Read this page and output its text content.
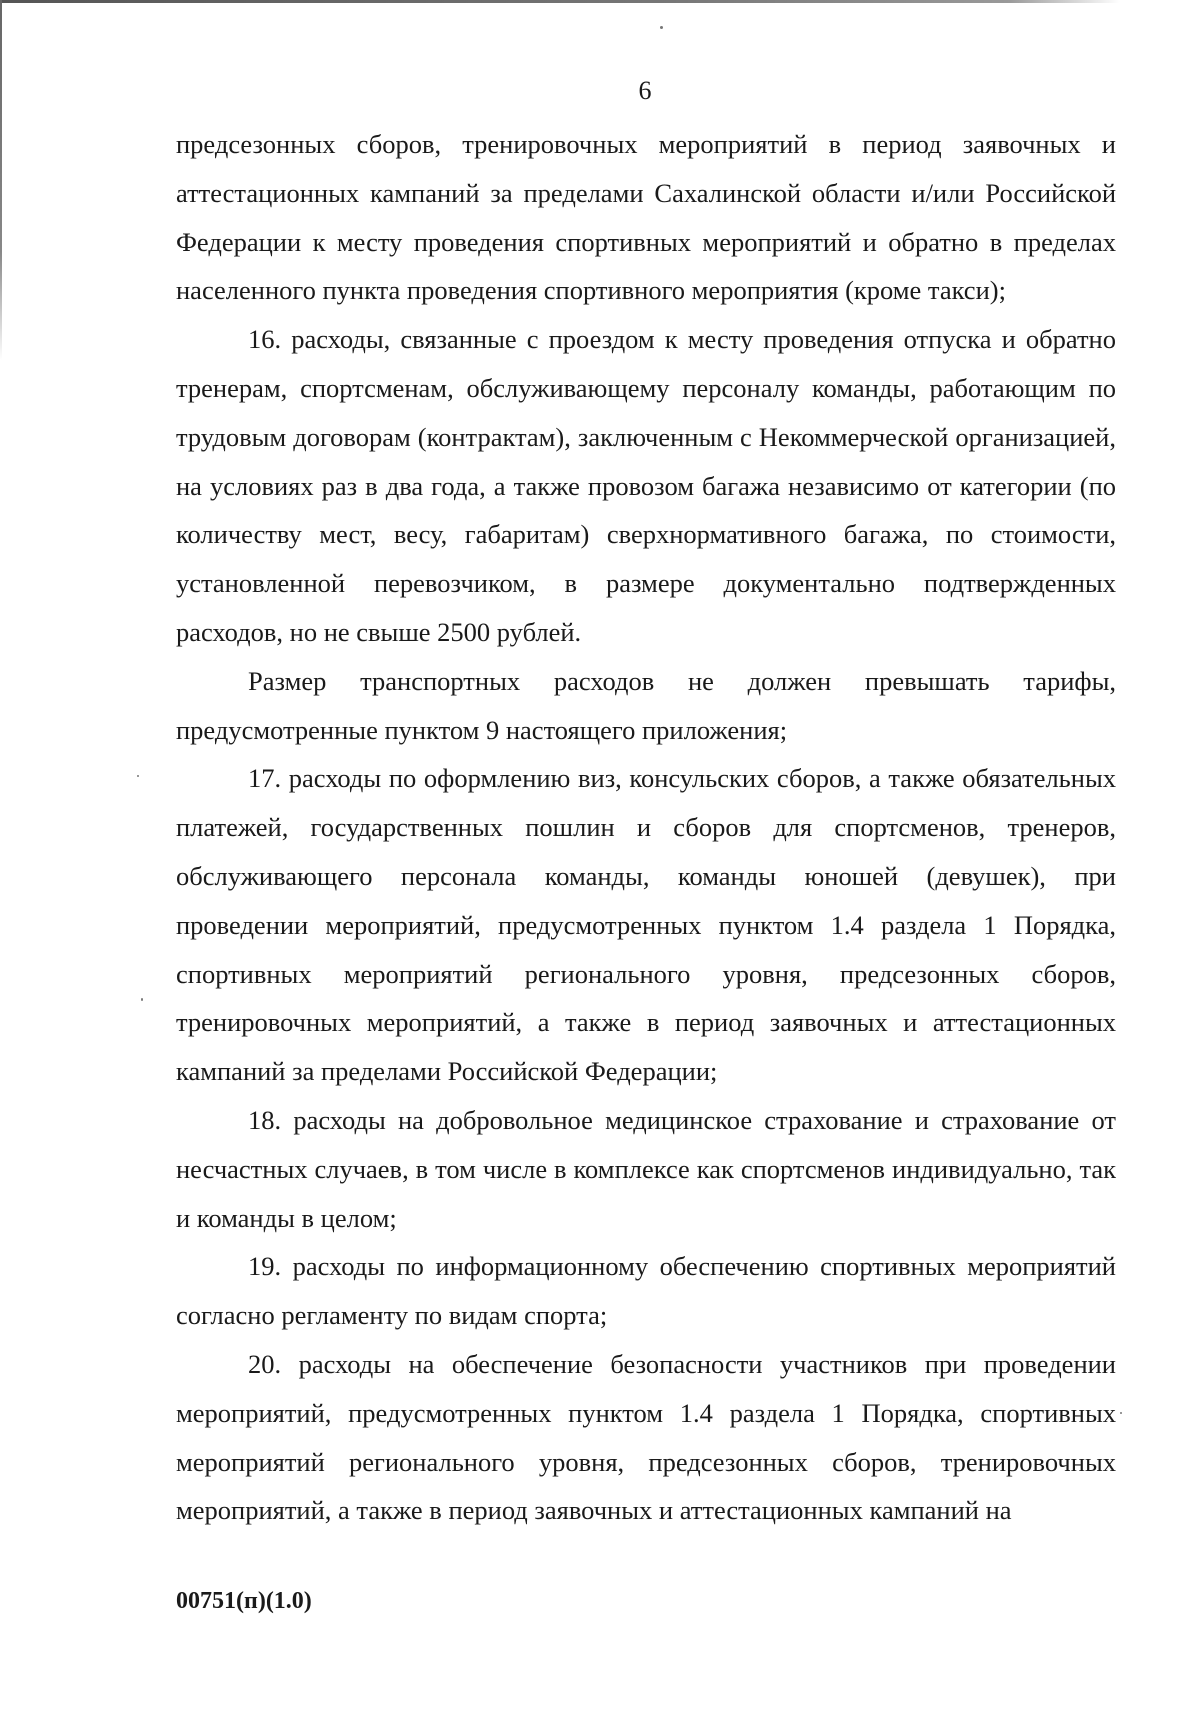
6

предсезонных сборов, тренировочных мероприятий в период заявочных и аттестационных кампаний за пределами Сахалинской области и/или Российской Федерации к месту проведения спортивных мероприятий и обратно в пределах населенного пункта проведения спортивного мероприятия (кроме такси);

16. расходы, связанные с проездом к месту проведения отпуска и обратно тренерам, спортсменам, обслуживающему персоналу команды, работающим по трудовым договорам (контрактам), заключенным с Некоммерческой организацией, на условиях раз в два года, а также провозом багажа независимо от категории (по количеству мест, весу, габаритам) сверхнормативного багажа, по стоимости, установленной перевозчиком, в размере документально подтвержденных расходов, но не свыше 2500 рублей.

Размер транспортных расходов не должен превышать тарифы, предусмотренные пунктом 9 настоящего приложения;

17. расходы по оформлению виз, консульских сборов, а также обязательных платежей, государственных пошлин и сборов для спортсменов, тренеров, обслуживающего персонала команды, команды юношей (девушек), при проведении мероприятий, предусмотренных пунктом 1.4 раздела 1 Порядка, спортивных мероприятий регионального уровня, предсезонных сборов, тренировочных мероприятий, а также в период заявочных и аттестационных кампаний за пределами Российской Федерации;

18. расходы на добровольное медицинское страхование и страхование от несчастных случаев, в том числе в комплексе как спортсменов индивидуально, так и команды в целом;

19. расходы по информационному обеспечению спортивных мероприятий согласно регламенту по видам спорта;

20. расходы на обеспечение безопасности участников при проведении мероприятий, предусмотренных пунктом 1.4 раздела 1 Порядка, спортивных мероприятий регионального уровня, предсезонных сборов, тренировочных мероприятий, а также в период заявочных и аттестационных кампаний на

00751(п)(1.0)
